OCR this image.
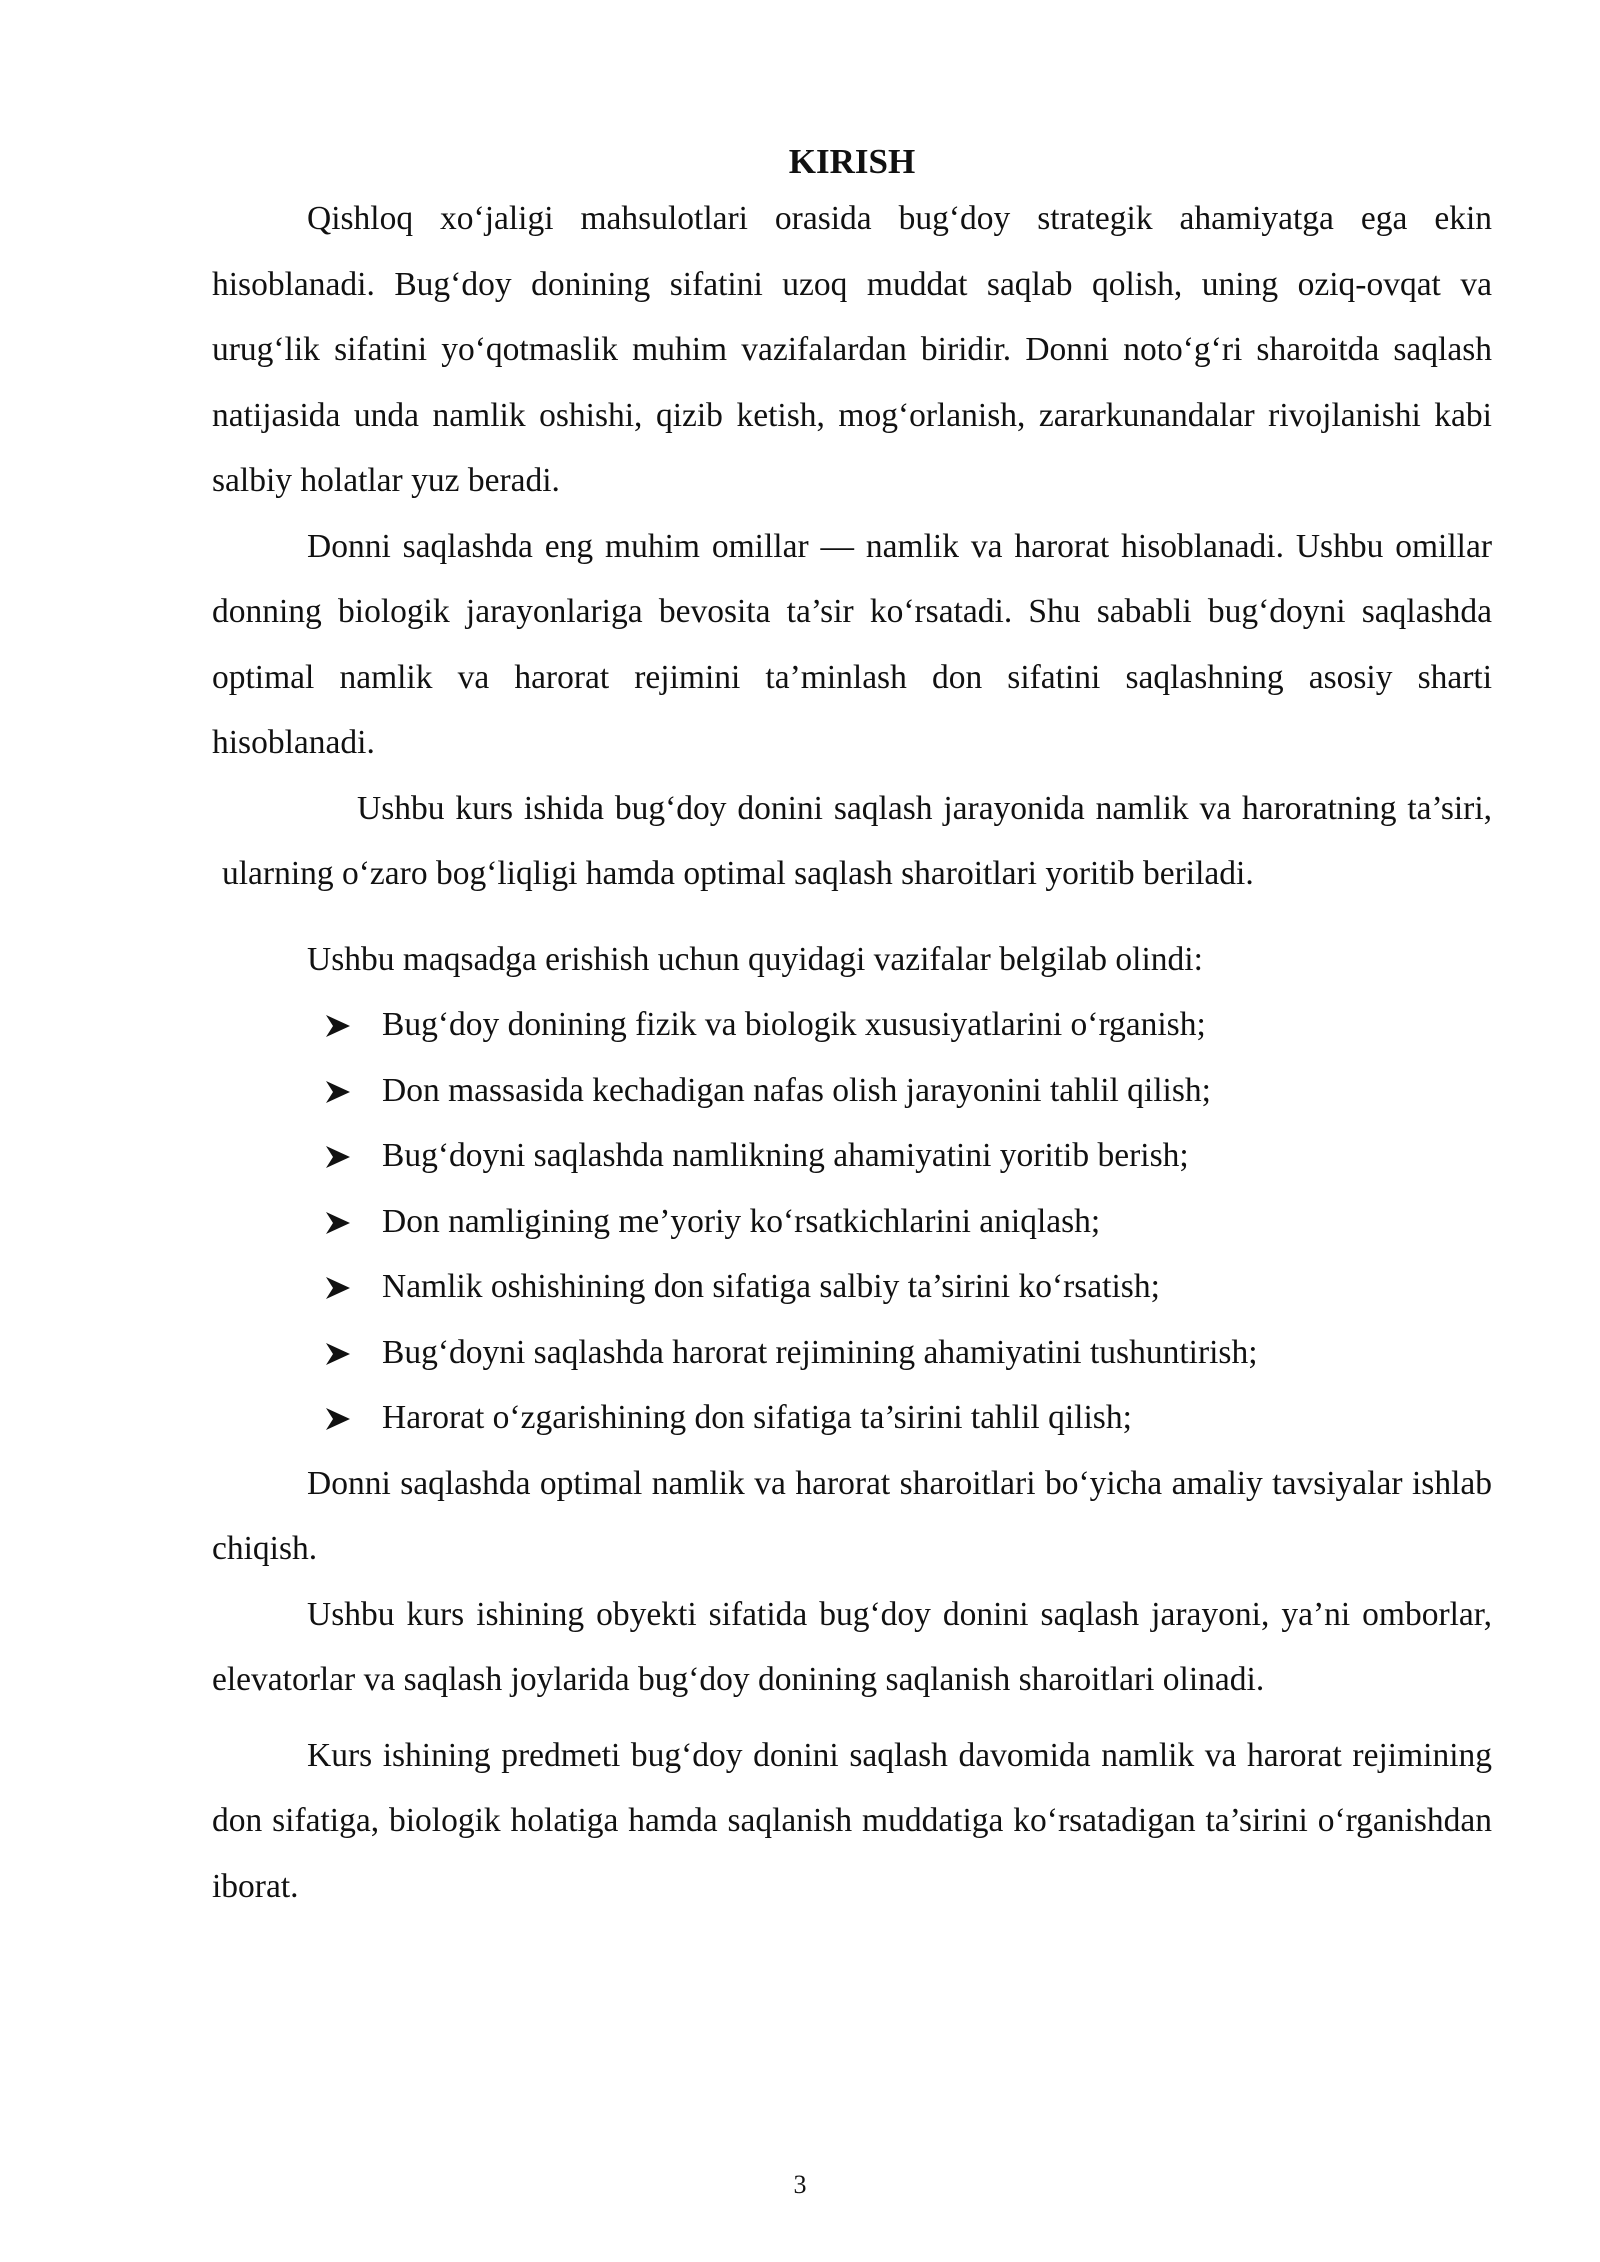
KIRISH

Qishloq xo‘jaligi mahsulotlari orasida bug‘doy strategik ahamiyatga ega ekin hisoblanadi. Bug‘doy donining sifatini uzoq muddat saqlab qolish, uning oziq-ovqat va urug‘lik sifatini yo‘qotmaslik muhim vazifalardan biridir. Donni noto‘g‘ri sharoitda saqlash natijasida unda namlik oshishi, qizib ketish, mog‘orlanish, zararkunandalar rivojlanishi kabi salbiy holatlar yuz beradi.

Donni saqlashda eng muhim omillar — namlik va harorat hisoblanadi. Ushbu omillar donning biologik jarayonlariga bevosita ta’sir ko‘rsatadi. Shu sababli bug‘doyni saqlashda optimal namlik va harorat rejimini ta’minlash don sifatini saqlashning asosiy sharti hisoblanadi.

Ushbu kurs ishida bug‘doy donini saqlash jarayonida namlik va haroratning ta’siri, ularning o‘zaro bog‘liqligi hamda optimal saqlash sharoitlari yoritib beriladi.

Ushbu maqsadga erishish uchun quyidagi vazifalar belgilab olindi:

Bug‘doy donining fizik va biologik xususiyatlarini o‘rganish;
Don massasida kechadigan nafas olish jarayonini tahlil qilish;
Bug‘doyni saqlashda namlikning ahamiyatini yoritib berish;
Don namligining me’yoriy ko‘rsatkichlarini aniqlash;
Namlik oshishining don sifatiga salbiy ta’sirini ko‘rsatish;
Bug‘doyni saqlashda harorat rejimining ahamiyatini tushuntirish;
Harorat o‘zgarishining don sifatiga ta’sirini tahlil qilish;

Donni saqlashda optimal namlik va harorat sharoitlari bo‘yicha amaliy tavsiyalar ishlab chiqish.

Ushbu kurs ishining obyekti sifatida bug‘doy donini saqlash jarayoni, ya’ni omborlar, elevatorlar va saqlash joylarida bug‘doy donining saqlanish sharoitlari olinadi.

Kurs ishining predmeti bug‘doy donini saqlash davomida namlik va harorat rejimining don sifatiga, biologik holatiga hamda saqlanish muddatiga ko‘rsatadigan ta’sirini o‘rganishdan iborat.

3
